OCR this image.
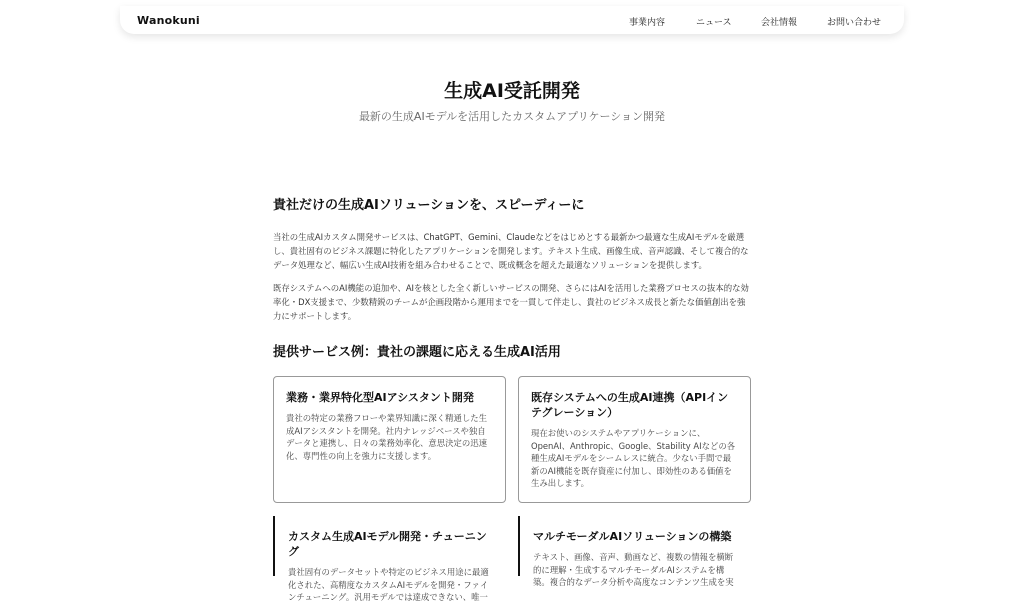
Wanokuni	事業内容	ニュース	会社情報	お問い合わせ
生成AI受託開発
最新の生成AIモデルを活用したカスタムアプリケーション開発
貴社だけの生成AIソリューションを、スピーディーに

当社の生成AIカスタム開発サービスは、ChatGPT、Gemini、Claudeなどをはじめとする最新かつ最適な生成AIモデルを厳選し、貴社固有のビジネス課題に特化したアプリケーションを開発します。テキスト生成、画像生成、音声認識、そして複合的なデータ処理など、幅広い生成AI技術を組み合わせることで、既成概念を超えた最適なソリューションを提供します。

既存システムへのAI機能の追加や、AIを核とした全く新しいサービスの開発、さらにはAIを活用した業務プロセスの抜本的な効率化・DX支援まで、少数精鋭のチームが企画段階から運用までを一貫して伴走し、貴社のビジネス成長と新たな価値創出を強力にサポートします。

提供サービス例：貴社の課題に応える生成AI活用
業務・業界特化型AIアシスタント開発

貴社の特定の業務フローや業界知識に深く精通した生成AIアシスタントを開発。社内ナレッジベースや独自データと連携し、日々の業務効率化、意思決定の迅速化、専門性の向上を強力に支援します。

既存システムへの生成AI連携（APIインテグレーション）

現在お使いのシステムやアプリケーションに、OpenAI、Anthropic、Google、Stability AIなどの各種生成AIモデルをシームレスに統合。少ない手間で最新のAI機能を既存資産に付加し、即効性のある価値を生み出します。

カスタム生成AIモデル開発・チューニング

貴社固有のデータセットや特定のビジネス用途に最適化された、高精度なカスタムAIモデルを開発・ファインチューニング。汎用モデルでは達成できない、唯一

マルチモーダルAIソリューションの構築

テキスト、画像、音声、動画など、複数の情報を横断的に理解・生成するマルチモーダルAIシステムを構築。複合的なデータ分析や高度なコンテンツ生成を実
